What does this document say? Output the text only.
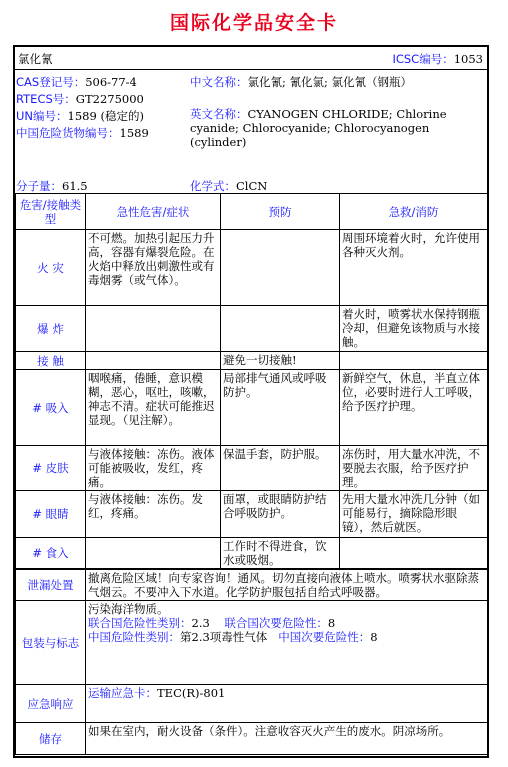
国际化学品安全卡
氯化氰	ICSC编号：1053
CAS登记号：506-77-4
RTECS号：GT2275000
UN编号：1589 (稳定的)
中国危险货物编号：1589
中文名称：氯化氰; 氰化氯; 氯化氰（钢瓶）
英文名称：CYANOGEN CHLORIDE; Chlorine cyanide; Chlorocyanide; Chlorocyanogen (cylinder)
分子量：61.5	化学式：ClCN
危害/接触类型	急性危害/症状	预防	急救/消防
火 灾	不可燃。加热引起压力升高，容器有爆裂危险。在火焰中释放出刺激性或有毒烟雾（或气体）。		周围环境着火时，允许使用各种灭火剂。
爆 炸			着火时，喷雾状水保持钢瓶冷却，但避免该物质与水接触。
接 触		避免一切接触!	
# 吸入	咽喉痛，倦睡，意识模糊，恶心，呕吐，咳嗽，神志不清。症状可能推迟显现。（见注解）。	局部排气通风或呼吸防护。	新鲜空气，休息，半直立体位，必要时进行人工呼吸，给予医疗护理。
# 皮肤	与液体接触：冻伤。液体可能被吸收，发红，疼痛。	保温手套，防护服。	冻伤时，用大量水冲洗，不要脱去衣服，给予医疗护理。
# 眼睛	与液体接触：冻伤。发红，疼痛。	面罩，或眼睛防护结合呼吸防护。	先用大量水冲洗几分钟（如可能易行，摘除隐形眼镜），然后就医。
# 食入		工作时不得进食，饮水或吸烟。	
泄漏处置	撤离危险区域！向专家咨询！通风。切勿直接向液体上喷水。喷雾状水驱除蒸气烟云。不要冲入下水道。化学防护服包括自给式呼吸器。
包装与标志	污染海洋物质。
联合国危险性类别：2.3 联合国次要危险性：8
中国危险性类别：第2.3项毒性气体 中国次要危险性：8

应急响应	运输应急卡：TEC(R)-801
储存	如果在室内，耐火设备（条件）。注意收容灭火产生的废水。阴凉场所。
